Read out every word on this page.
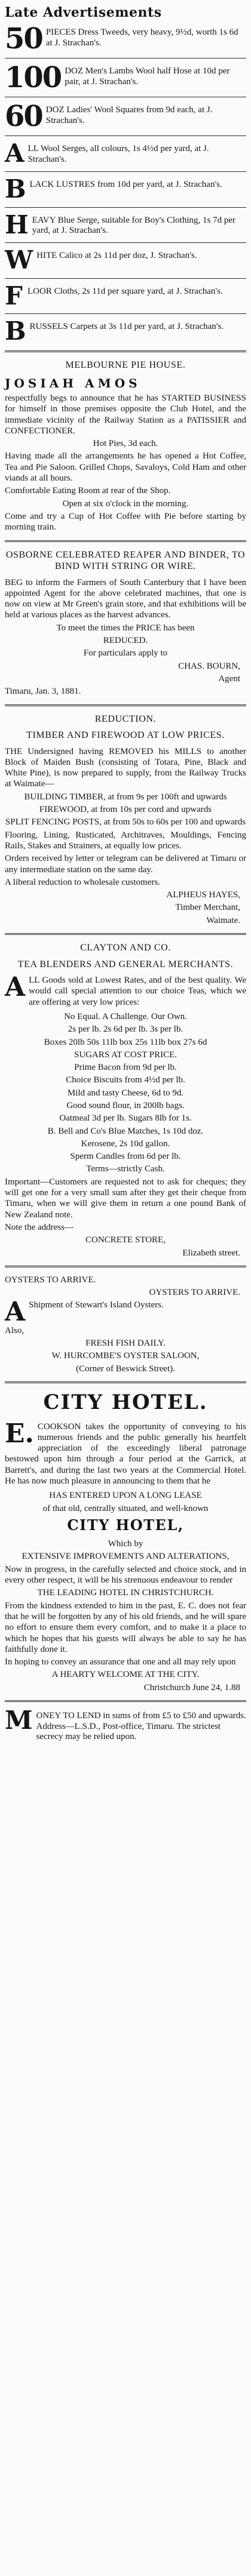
Late Advertisements
50 PIECES Dress Tweeds, very heavy, 9½d, worth 1s 6d at J. Strachan's.
100 DOZ Men's Lambs Wool half Hose at 10d per pair, at J. Strachan's.
60 DOZ Ladies' Wool Squares from 9d each, at J. Strachan's.
A LL Wool Serges, all colours, 1s 4½d per yard, at J. Strachan's.
B LACK LUSTRES from 10d per yard, at J. Strachan's.
H EAVY Blue Serge, suitable for Boy's Clothing, 1s 7d per yard, at J. Strachan's.
W HITE Calico at 2s 11d per doz, J. Strachan's.
F LOOR Cloths, 2s 11d per square yard, at J. Strachan's.
B RUSSELS Carpets at 3s 11d per yard, at J. Strachan's.
MELBOURNE PIE HOUSE.
JOSIAH AMOS
respectfully begs to announce that he has STARTED BUSINESS for himself in those premises opposite the Club Hotel, and the immediate vicinity of the Railway Station as a PATISSIER and CONFECTIONER.
Hot Pies, 3d each.
Having made all the arrangements he has opened a Hot Coffee, Tea and Pie Saloon. Grilled Chops, Savaloys, Cold Ham and other viands at all hours.
Comfortable Eating Room at rear of the Shop.
Open at six o'clock in the morning.
Come and try a Cup of Hot Coffee with Pie before starting by morning train.
OSBORNE CELEBRATED REAPER AND BINDER, TO BIND WITH STRING OR WIRE.
BEG to inform the Farmers of South Canterbury that I have been appointed Agent for the above celebrated machines, that one is now on view at Mr Green's grain store, and that exhibitions will be held at various places as the harvest advances.
To meet the times the PRICE has been
REDUCED.
For particulars apply to
CHAS. BOURN,
Agent
Timaru, Jan. 3, 1881.
REDUCTION.
TIMBER AND FIREWOOD AT LOW PRICES.
THE Undersigned having REMOVED his MILLS to another Block of Maiden Bush (consisting of Totara, Pine, Black and White Pine), is now prepared to supply, from the Railway Trucks at Waimate—
BUILDING TIMBER, at from 9s per 100ft and upwards
FIREWOOD, at from 10s per cord and upwards
SPLIT FENCING POSTS, at from 50s to 60s per 100 and upwards
Flooring, Lining, Rusticated, Architraves, Mouldings, Fencing Rails, Stakes and Strainers, at equally low prices.
Orders received by letter or telegram can be delivered at Timaru or any intermediate station on the same day.
A liberal reduction to wholesale customers.
ALPHEUS HAYES,
Timber Merchant,
Waimate.
CLAYTON AND CO.
TEA BLENDERS AND GENERAL MERCHANTS.
A LL Goods sold at Lowest Rates, and of the best quality. We would call special attention to our choice Teas, which we are offering at very low prices:
No Equal. A Challenge. Our Own.
2s per lb. 2s 6d per lb. 3s per lb.
Boxes 20lb 50s 11lb box 25s 11lb box 27s 6d
SUGARS AT COST PRICE.
Prime Bacon from 9d per lb.
Choice Biscuits from 4½d per lb.
Mild and tasty Cheese, 6d to 9d.
Good sound flour, in 200lb bags.
Oatmeal 3d per lb. Sugars 8lb for 1s.
B. Bell and Co's Blue Matches, 1s 10d doz.
Kerosene, 2s 10d gallon.
Sperm Candles from 6d per lb.
Terms—strictly Cash.
Important—Customers are requested not to ask for cheques; they will get one for a very small sum after they get their cheque from Timaru, when we will give them in return a one pound Bank of New Zealand note.
Note the address—
CONCRETE STORE,
Elizabeth street.
OYSTERS TO ARRIVE.
OYSTERS TO ARRIVE.
A Shipment of Stewart's Island Oysters.
Also,
FRESH FISH DAILY.
W. HURCOMBE'S OYSTER SALOON,
(Corner of Beswick Street).
CITY HOTEL.
E. COOKSON takes the opportunity of conveying to his numerous friends and the public generally his heartfelt appreciation of the exceedingly liberal patronage bestowed upon him through a four period at the Garrick, at Barrett's, and during the last two years at the Commercial Hotel. He has now much pleasure in announcing to them that he
HAS ENTERED UPON A LONG LEASE
of that old, centrally situated, and well-known
CITY HOTEL,
Which by
EXTENSIVE IMPROVEMENTS AND ALTERATIONS,
Now in progress, in the carefully selected and choice stock, and in every other respect, it will be his strenuous endeavour to render
THE LEADING HOTEL IN CHRISTCHURCH.
From the kindness extended to him in the past, E. C. does not fear that he will be forgotten by any of his old friends, and he will spare no effort to ensure them every comfort, and to make it a place to which he hopes that his guests will always be able to say he has faithfully done it.
In hoping to convey an assurance that one and all may rely upon
A HEARTY WELCOME AT THE CITY.
Christchurch June 24, 1.88
M ONEY TO LEND in sums of from £5 to £50 and upwards. Address—L.S.D., Post-office, Timaru. The strictest secrecy may be relied upon.
